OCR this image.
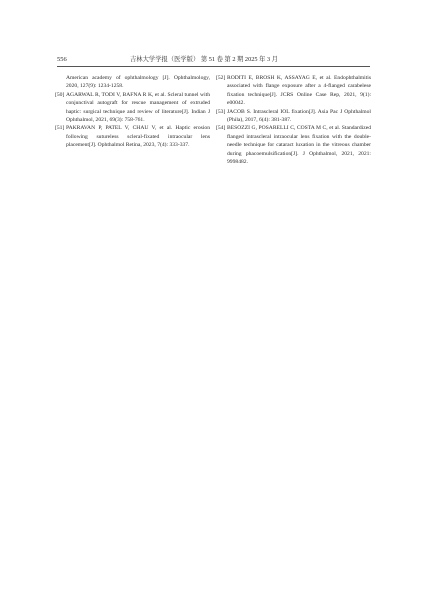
556	吉林大学学报（医学版） 第 51 卷 第 2 期 2025 年 3 月
American academy of ophthalmology [J]. Ophthalmology, 2020, 127(9): 1234-1258.
[50] AGARWAL R, TODI V, BAFNA R K, et al. Scleral tunnel with conjunctival autograft for rescue management of extruded haptic: surgical technique and review of literature[J]. Indian J Ophthalmol, 2021, 69(3): 758-761.
[51] PAKRAVAN P, PATEL V, CHAU V, et al. Haptic erosion following sutureless scleral-fixated intraocular lens placement[J]. Ophthalmol Retina, 2023, 7(4): 333-337.
[52] RODITI E, BROSH K, ASSAYAG E, et al. Endophthalmitis associated with flange exposure after a 4-flanged carabelese fixation technique[J]. JCRS Online Case Rep, 2021, 9(1): e00042.
[53] JACOB S. Intrascleral IOL fixation[J]. Asia Pac J Ophthalmol (Phila), 2017, 6(4): 381-387.
[54] BESOZZI G, POSARELLI C, COSTA M C, et al. Standardized flanged intrascleral intraocular lens fixation with the double-needle technique for cataract luxation in the vitreous chamber during phacoemulsification[J]. J Ophthalmol, 2021, 2021: 9998482.
